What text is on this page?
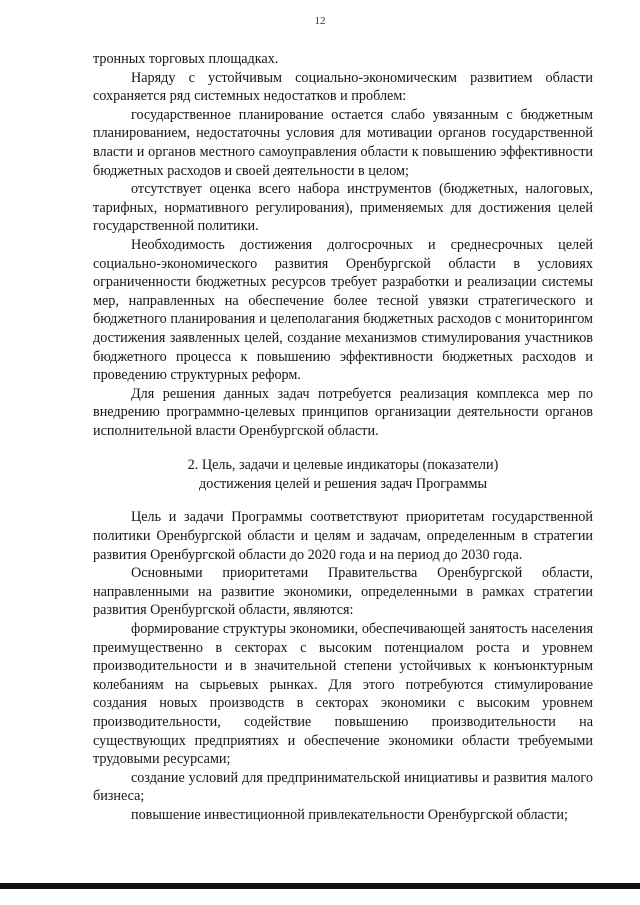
12

тронных торговых площадках.

Наряду с устойчивым социально-экономическим развитием области сохраняется ряд системных недостатков и проблем:

государственное планирование остается слабо увязанным с бюджетным планированием, недостаточны условия для мотивации органов государственной власти и органов местного самоуправления области к повышению эффективности бюджетных расходов и своей деятельности в целом;

отсутствует оценка всего набора инструментов (бюджетных, налоговых, тарифных, нормативного регулирования), применяемых для достижения целей государственной политики.

Необходимость достижения долгосрочных и среднесрочных целей социально-экономического развития Оренбургской области в условиях ограниченности бюджетных ресурсов требует разработки и реализации системы мер, направленных на обеспечение более тесной увязки стратегического и бюджетного планирования и целеполагания бюджетных расходов с мониторингом достижения заявленных целей, создание механизмов стимулирования участников бюджетного процесса к повышению эффективности бюджетных расходов и проведению структурных реформ.

Для решения данных задач потребуется реализация комплекса мер по внедрению программно-целевых принципов организации деятельности органов исполнительной власти Оренбургской области.

2. Цель, задачи и целевые индикаторы (показатели)
достижения целей и решения задач Программы

Цель и задачи Программы соответствуют приоритетам государственной политики Оренбургской области и целям и задачам, определенным в стратегии развития Оренбургской области до 2020 года и на период до 2030 года.

Основными приоритетами Правительства Оренбургской области, направленными на развитие экономики, определенными в рамках стратегии развития Оренбургской области, являются:

формирование структуры экономики, обеспечивающей занятость населения преимущественно в секторах с высоким потенциалом роста и уровнем производительности и в значительной степени устойчивых к конъюнктурным колебаниям на сырьевых рынках. Для этого потребуются стимулирование создания новых производств в секторах экономики с высоким уровнем производительности, содействие повышению производительности на существующих предприятиях и обеспечение экономики области требуемыми трудовыми ресурсами;

создание условий для предпринимательской инициативы и развития малого бизнеса;

повышение инвестиционной привлекательности Оренбургской области;
